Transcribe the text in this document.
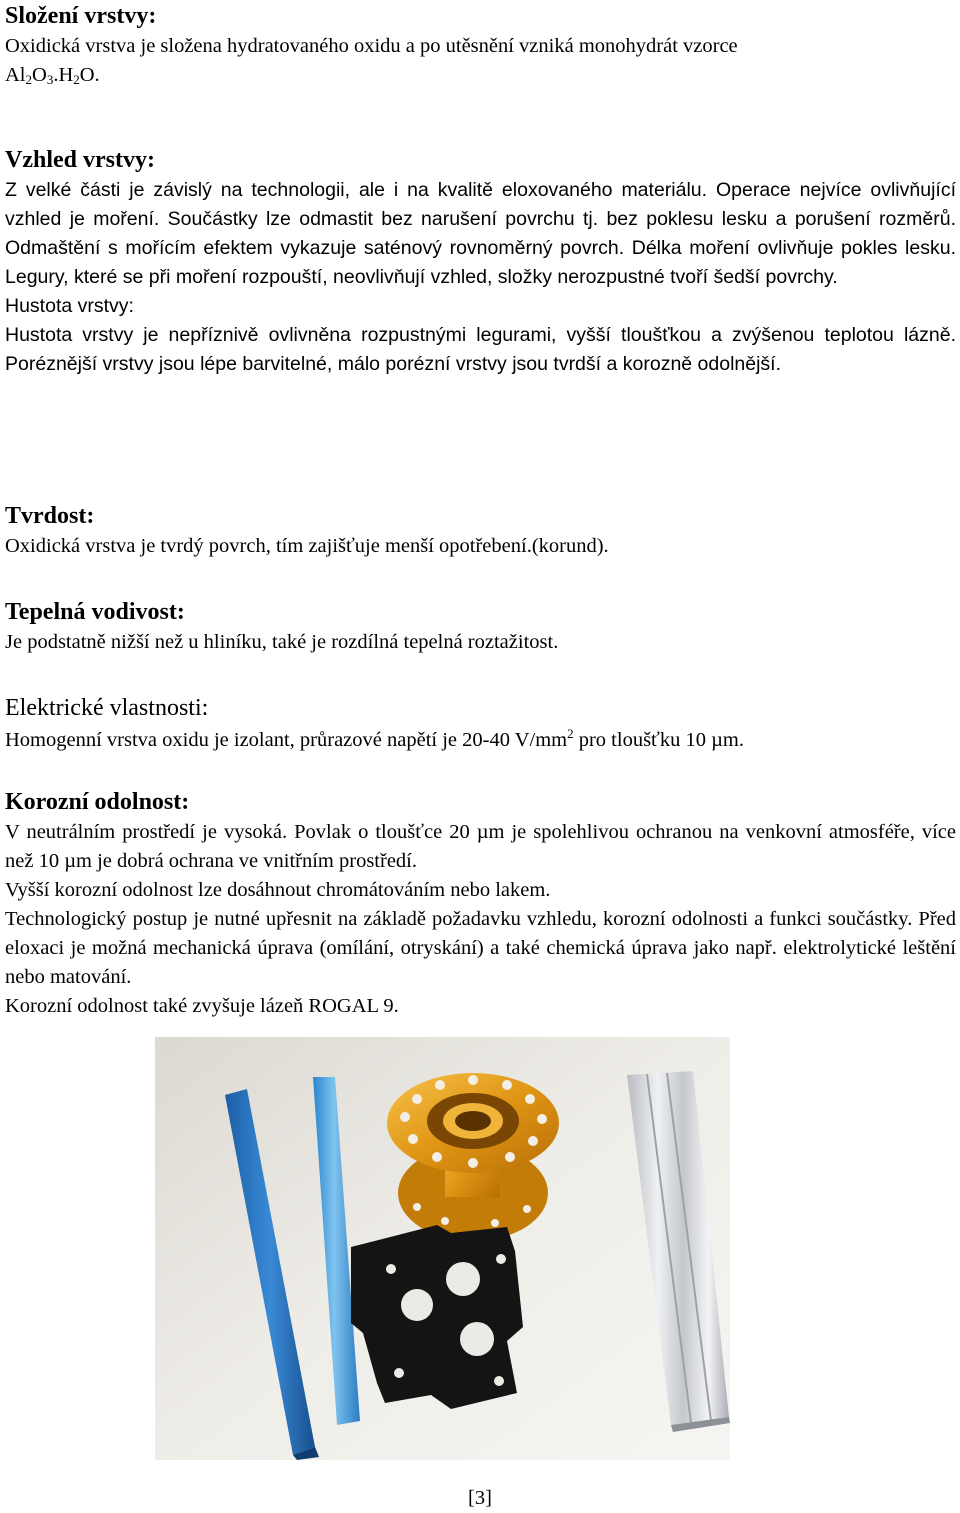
Složení vrstvy:

Oxidická vrstva je složena hydratovaného oxidu a po utěsnění vzniká monohydrát vzorce
$Al_2O_3.H_2O$.

Vzhled vrstvy:

Z velké části je závislý na technologii, ale i na kvalitě eloxovaného materiálu. Operace nejvíce ovlivňující vzhled je moření. Součástky lze odmastit bez narušení povrchu tj. bez poklesu lesku a porušení rozměrů. Odmaštění s mořícím efektem vykazuje saténový rovnoměrný povrch. Délka moření ovlivňuje pokles lesku. Legury, které se při moření rozpouští, neovlivňují vzhled, složky nerozpustné tvoří šedší povrchy.

Hustota vrstvy:

Hustota vrstvy je nepříznivě ovlivněna rozpustnými legurami, vyšší tloušťkou a zvýšenou teplotou lázně. Poréznější vrstvy jsou lépe barvitelné, málo porézní vrstvy jsou tvrdší a korozně odolnější.

Tvrdost:

Oxidická vrstva je tvrdý povrch, tím zajišťuje menší opotřebení.(korund).

Tepelná vodivost:

Je podstatně nižší než u hliníku, také je rozdílná tepelná roztažitost.

Elektrické vlastnosti:

Homogenní vrstva oxidu je izolant, průrazové napětí je 20-40 $V/mm^2$ pro tloušťku 10 µm.

Korozní odolnost:

V neutrálním prostředí je vysoká. Povlak o tloušťce 20 µm je spolehlivou ochranou na venkovní atmosféře, více než 10 µm je dobrá ochrana ve vnitřním prostředí.

Vyšší korozní odolnost lze dosáhnout chromátováním nebo lakem.

Technologický postup je nutné upřesnit na základě požadavku vzhledu, korozní odolnosti a funkci součástky. Před eloxaci je možná mechanická úprava (omílání, otryskání) a také chemická úprava jako např. elektrolytické leštění nebo matování.

Korozní odolnost také zvyšuje lázeň ROGAL 9.

[3]
